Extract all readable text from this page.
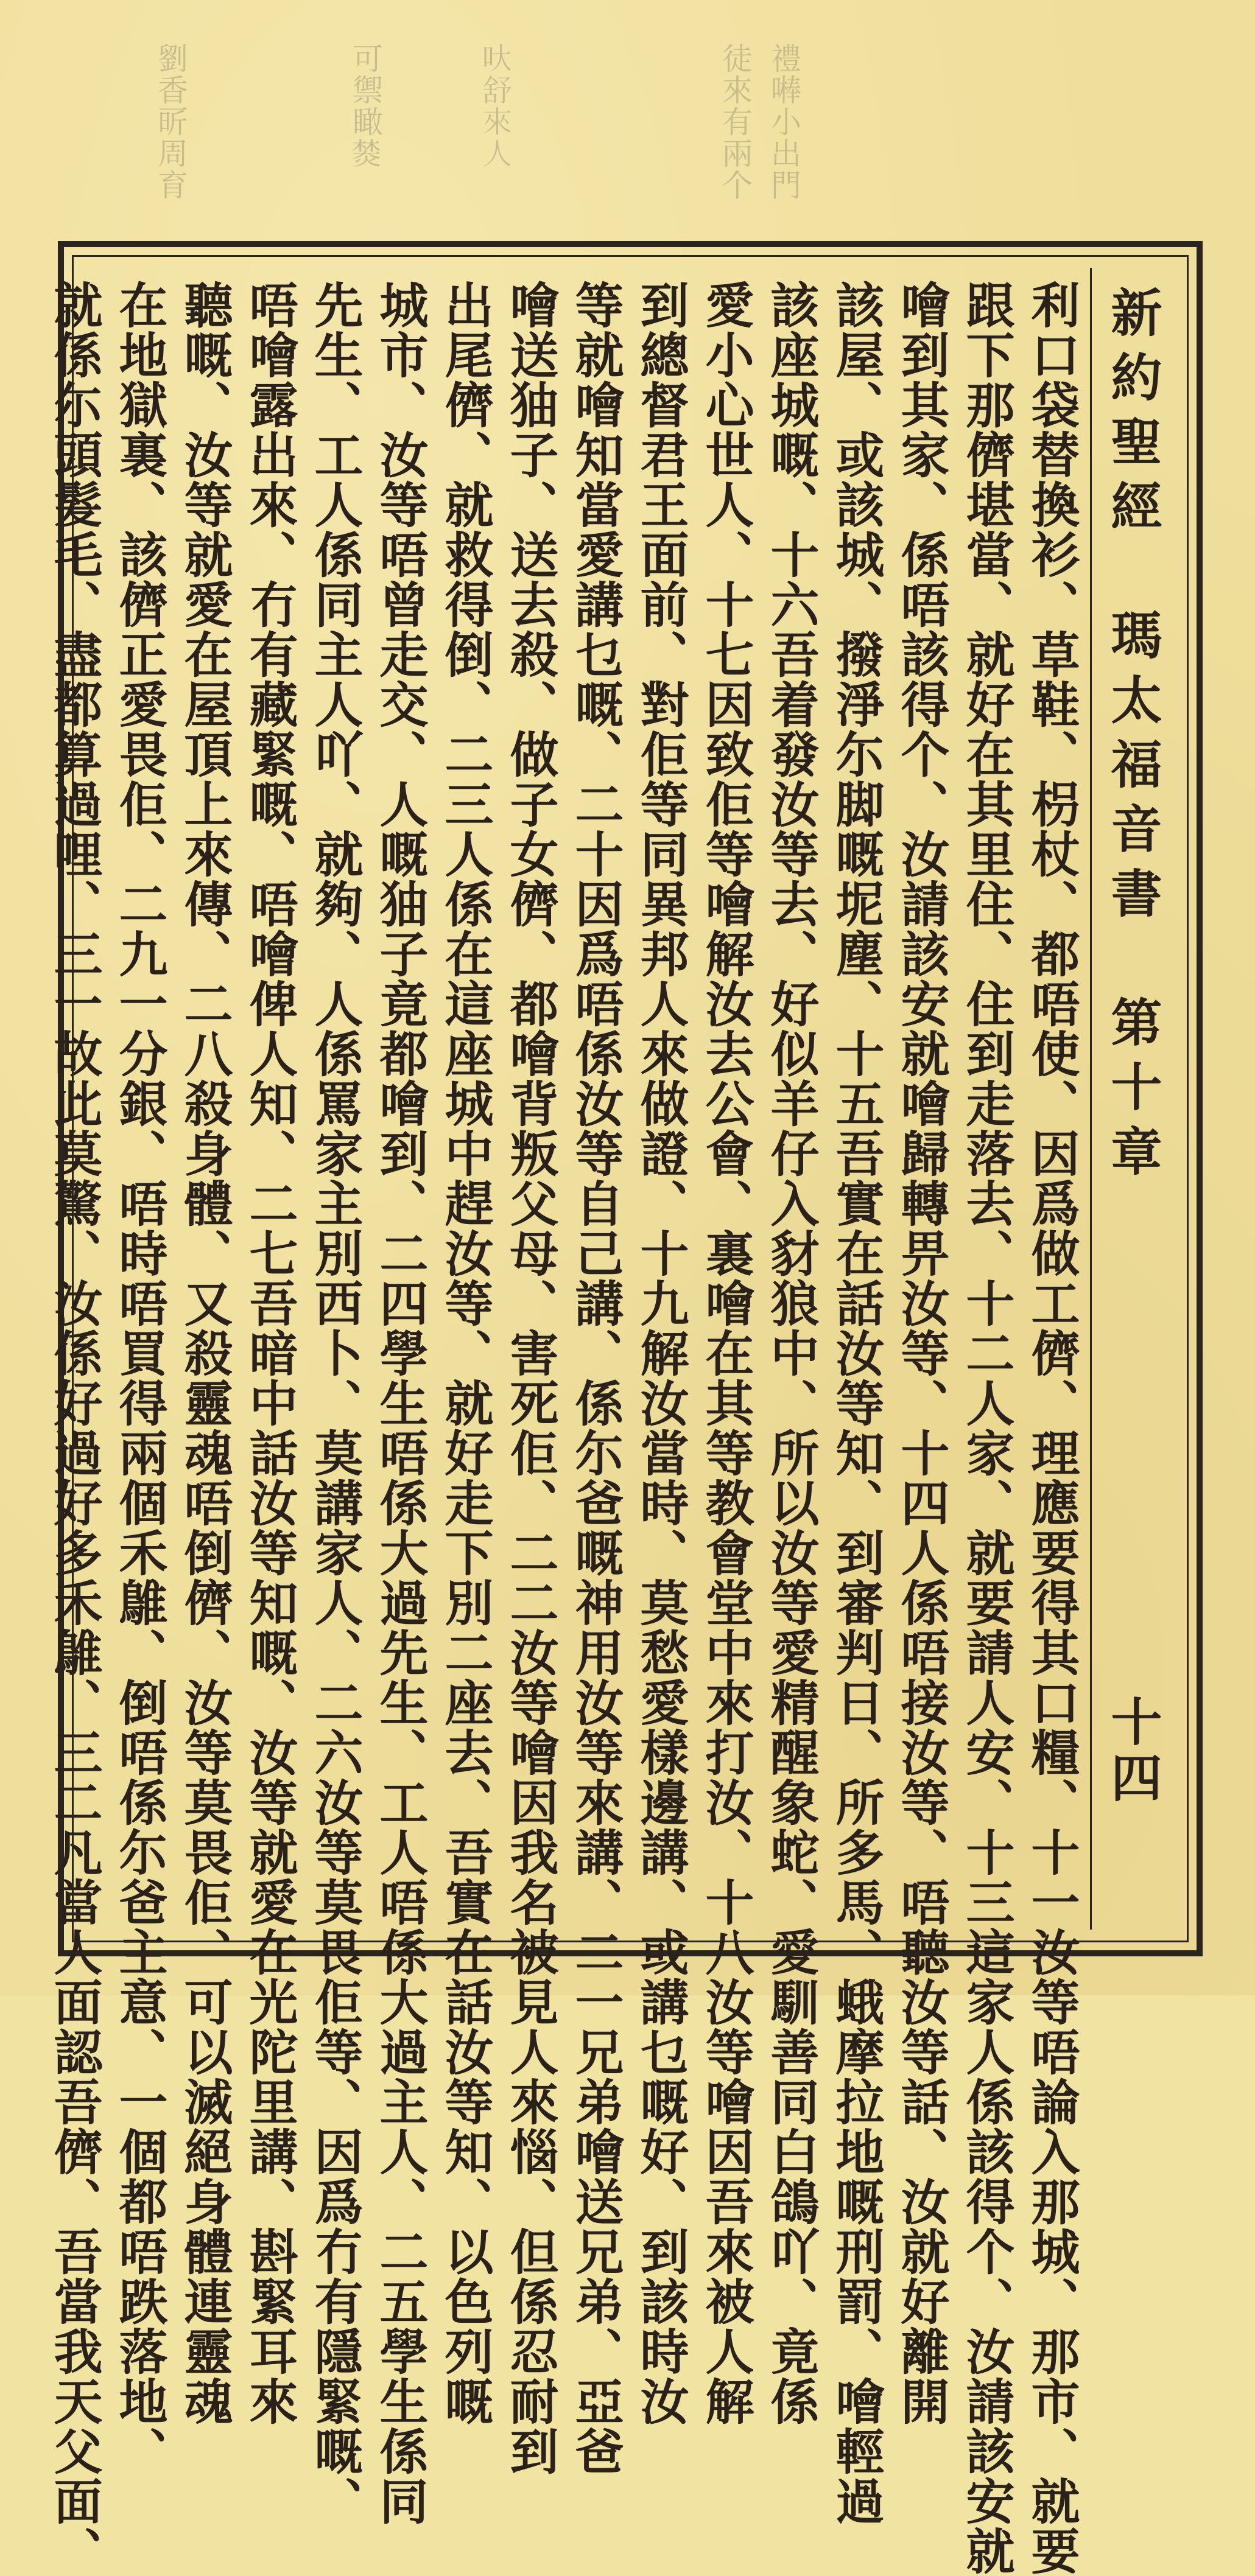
禮𠾴小出門
徒來有兩个
𠯈舒來人
可禦瞰𤍾
劉香㪽周育
新約聖經　瑪太福音書　第十章
十四
利口袋替換衫、草鞋、枴杖、都唔使、因爲做工儕、理應要得其口糧、十一汝等唔論入那城、那市、就要
跟下那儕堪當、就好在其里住、住到走落去、十二人家、就要請人安、十三這家人係該得个、汝請該安就
噲到其家、係唔該得个、汝請該安就噲歸轉畀汝等、十四人係唔接汝等、唔聽汝等話、汝就好離開
該屋、或該城、撥淨尓脚嘅坭塵、十五吾實在話汝等知、到審判日、所多馬、蛾摩拉地嘅刑罰、噲輕過
該座城嘅、十六吾着發汝等去、好似羊仔入豺狼中、所以汝等愛精醒象蛇、愛馴善同白鴿吖、竟係
愛小心世人、十七因致佢等噲解汝去公會、裏噲在其等教會堂中來打汝、十八汝等噲因吾來被人解
到總督君王面前、對佢等同異邦人來做證、十九解汝當時、莫愁愛樣邊講、或講乜嘅好、到該時汝
等就噲知當愛講乜嘅、二十因爲唔係汝等自己講、係尓爸嘅神用汝等來講、二一兄弟噲送兄弟、亞爸
噲送㹨子、送去殺、做子女儕、都噲背叛父母、害死佢、二二汝等噲因我名被見人來惱、但係忍耐到
出尾儕、就救得倒、二三人係在這座城中趕汝等、就好走下別二座去、吾實在話汝等知、以色列嘅
城市、汝等唔曾走交、人嘅㹨子竟都噲到、二四學生唔係大過先生、工人唔係大過主人、二五學生係同
先生、工人係同主人吖、就夠、人係罵家主別西卜、莫講家人、二六汝等莫畏佢等、因爲冇有隱緊嘅、
唔噲露出來、冇有藏緊嘅、唔噲俾人知、二七吾暗中話汝等知嘅、汝等就愛在光陀里講、斟緊耳來
聽嘅、汝等就愛在屋頂上來傳、二八殺身體、又殺靈魂唔倒儕、汝等莫畏佢、可以滅絕身體連靈魂
在地獄裏、該儕正愛畏佢、二九一分銀、唔時唔買得兩個禾鵻、倒唔係尓爸主意、一個都唔跌落地、
就係尓頭髮毛、盡都算過哩、三一故此莫驚、汝係好過好多禾鵻、三二凡當人面認吾儕、吾當我天父面、
